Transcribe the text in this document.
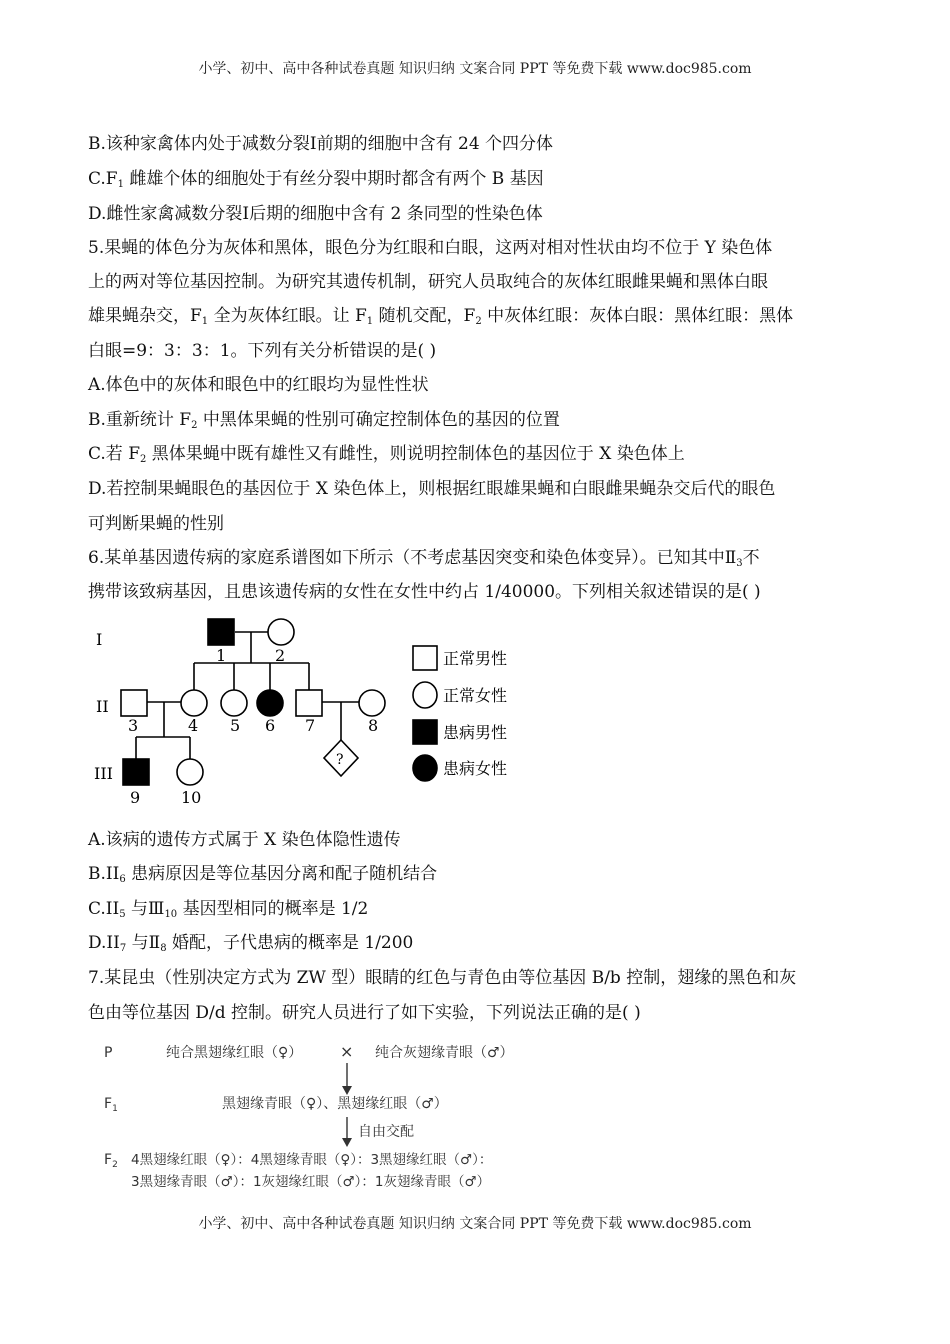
小学、初中、高中各种试卷真题 知识归纳 文案合同 PPT 等免费下载 www.doc985.com
B.该种家禽体内处于减数分裂Ⅰ前期的细胞中含有 24 个四分体
$C.F_1$ 雌雄个体的细胞处于有丝分裂中期时都含有两个 B 基因
D.雌性家禽减数分裂Ⅰ后期的细胞中含有 2 条同型的性染色体
5.果蝇的体色分为灰体和黑体，眼色分为红眼和白眼，这两对相对性状由均不位于 Y 染色体
上的两对等位基因控制。为研究其遗传机制，研究人员取纯合的灰体红眼雌果蝇和黑体白眼
雄果蝇杂交，$F_1$ 全为灰体红眼。让 $F_1$ 随机交配，$F_2$ 中灰体红眼：灰体白眼：黑体红眼：黑体
白眼=9：3：3：1。下列有关分析错误的是( )
A.体色中的灰体和眼色中的红眼均为显性性状
B.重新统计 $F_2$ 中黑体果蝇的性别可确定控制体色的基因的位置
C.若 $F_2$ 黑体果蝇中既有雄性又有雌性，则说明控制体色的基因位于 X 染色体上
D.若控制果蝇眼色的基因位于 X 染色体上，则根据红眼雄果蝇和白眼雌果蝇杂交后代的眼色
可判断果蝇的性别
6.某单基因遗传病的家庭系谱图如下所示（不考虑基因突变和染色体变异）。已知其中$Ⅱ_3$不
携带该致病基因，且患该遗传病的女性在女性中约占 1/40000。下列相关叙述错误的是( )
I
II
III
1	2
3	4 5 6 7	8
9	10
?
正常男性
正常女性
患病男性
患病女性
A.该病的遗传方式属于 X 染色体隐性遗传
$B.II_6$ 患病原因是等位基因分离和配子随机结合
$C.II_5$ 与$Ⅲ_{10}$ 基因型相同的概率是 1/2
$D.II_7$ 与$Ⅱ_8$ 婚配，子代患病的概率是 1/200
7.某昆虫（性别决定方式为 ZW 型）眼睛的红色与青色由等位基因 B/b 控制，翅缘的黑色和灰
色由等位基因 D/d 控制。研究人员进行了如下实验，下列说法正确的是( )
P	纯合黑翅缘红眼（♀） × 纯合灰翅缘青眼（♂）
$F_1$	黑翅缘青眼（♀）、黑翅缘红眼（♂）
自由交配
$F_2$ 4黑翅缘红眼（♀）：4黑翅缘青眼（♀）：3黑翅缘红眼（♂）：
3黑翅缘青眼（♂）：1灰翅缘红眼（♂）：1灰翅缘青眼（♂）
小学、初中、高中各种试卷真题 知识归纳 文案合同 PPT 等免费下载 www.doc985.com
